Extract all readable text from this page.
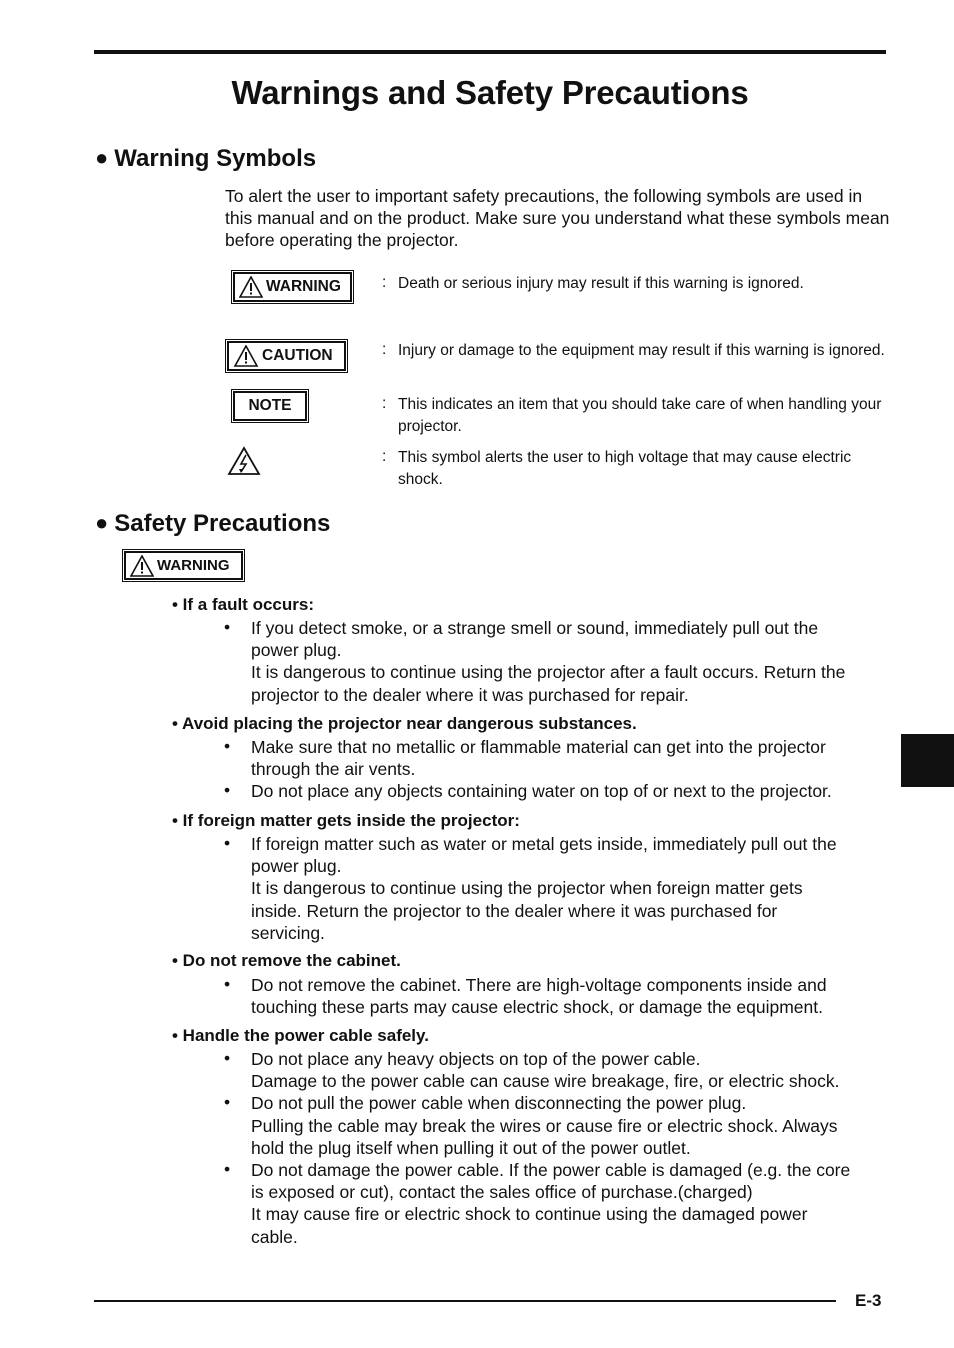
Warnings and Safety Precautions
● Warning Symbols
To alert the user to important safety precautions, the following symbols are used in this manual and on the product. Make sure you understand what these symbols mean before operating the projector.
WARNING	: Death or serious injury may result if this warning is ignored.
CAUTION	: Injury or damage to the equipment may result if this warning is ignored.
NOTE	: This indicates an item that you should take care of when handling your projector.
: This symbol alerts the user to high voltage that may cause electric shock.
● Safety Precautions
WARNING
• If a fault occurs:
• If you detect smoke, or a strange smell or sound, immediately pull out the
power plug.
It is dangerous to continue using the projector after a fault occurs. Return the
projector to the dealer where it was purchased for repair.
• Avoid placing the projector near dangerous substances.
•
•
Make sure that no metallic or flammable material can get into the projector
through the air vents.
Do not place any objects containing water on top of or next to the projector.
• If foreign matter gets inside the projector:
• If foreign matter such as water or metal gets inside, immediately pull out the
power plug.
It is dangerous to continue using the projector when foreign matter gets
inside. Return the projector to the dealer where it was purchased for
servicing.
• Do not remove the cabinet.
• Do not remove the cabinet. There are high-voltage components inside and
touching these parts may cause electric shock, or damage the equipment.
• Handle the power cable safely.
•
•
•
Do not place any heavy objects on top of the power cable.
Damage to the power cable can cause wire breakage, fire, or electric shock.
Do not pull the power cable when disconnecting the power plug.
Pulling the cable may break the wires or cause fire or electric shock. Always
hold the plug itself when pulling it out of the power outlet.
Do not damage the power cable. If the power cable is damaged (e.g. the core
is exposed or cut), contact the sales office of purchase.(charged)
It may cause fire or electric shock to continue using the damaged power
cable.
E-3
